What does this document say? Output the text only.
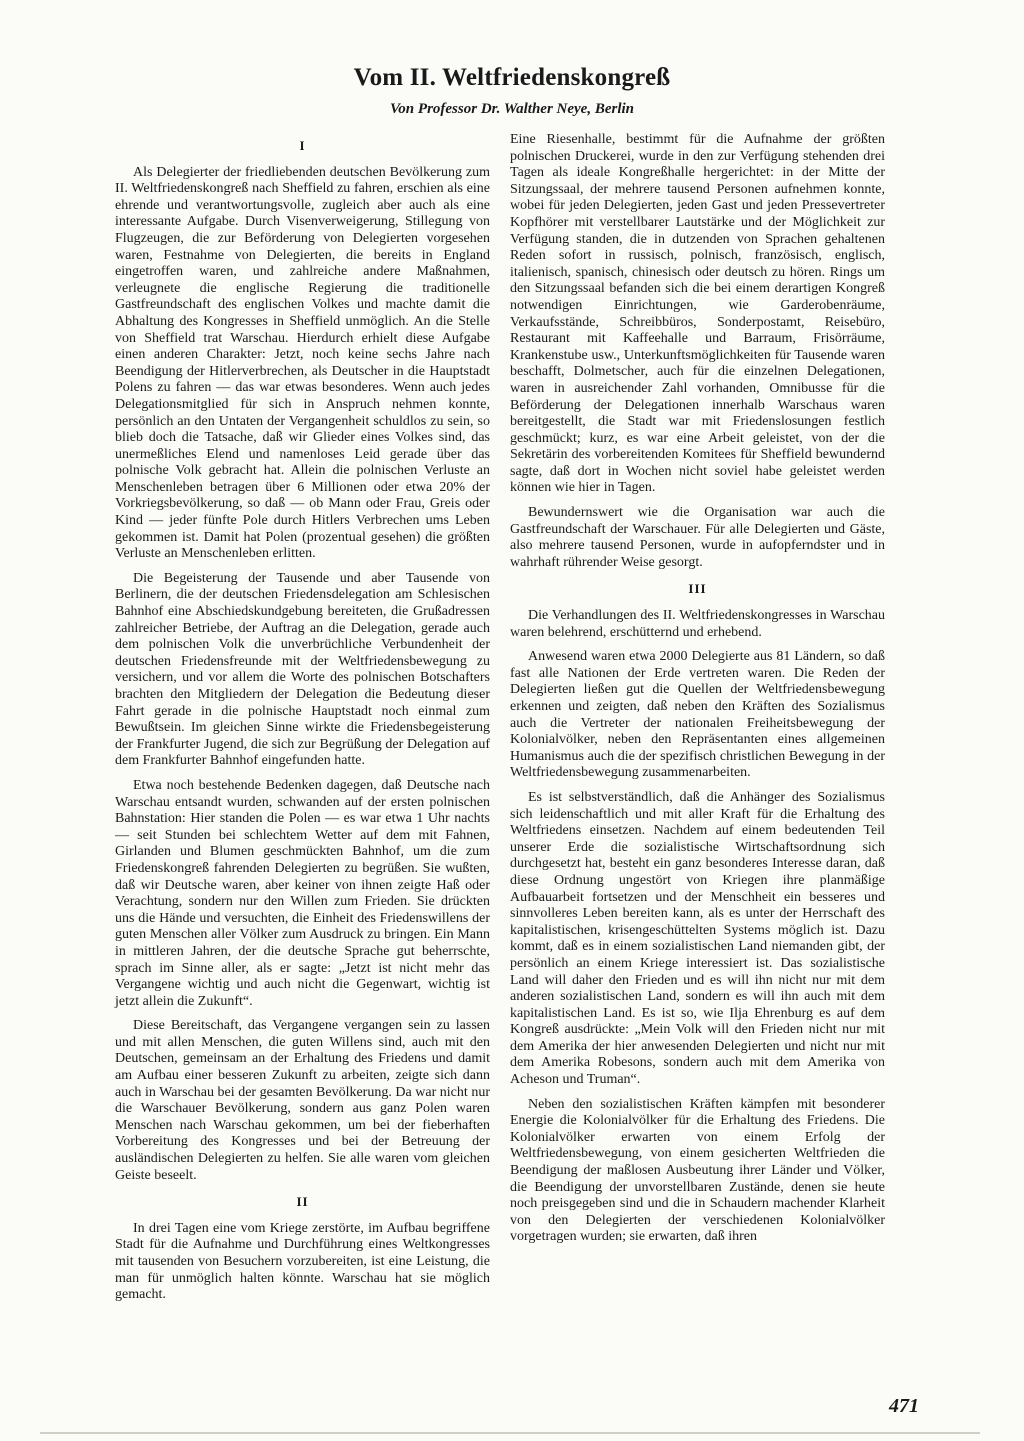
Vom II. Weltfriedenskongreß
Von Professor Dr. Walther Neye, Berlin
I

Als Delegierter der friedliebenden deutschen Bevölkerung zum II. Weltfriedenskongreß nach Sheffield zu fahren, erschien als eine ehrende und verantwortungsvolle, zugleich aber auch als eine interessante Aufgabe. Durch Visenverweigerung, Stillegung von Flugzeugen, die zur Beförderung von Delegierten vorgesehen waren, Festnahme von Delegierten, die bereits in England eingetroffen waren, und zahlreiche andere Maßnahmen, verleugnete die englische Regierung die traditionelle Gastfreundschaft des englischen Volkes und machte damit die Abhaltung des Kongresses in Sheffield unmöglich. An die Stelle von Sheffield trat Warschau. Hierdurch erhielt diese Aufgabe einen anderen Charakter: Jetzt, noch keine sechs Jahre nach Beendigung der Hitlerverbrechen, als Deutscher in die Hauptstadt Polens zu fahren — das war etwas besonderes. Wenn auch jedes Delegationsmitglied für sich in Anspruch nehmen konnte, persönlich an den Untaten der Vergangenheit schuldlos zu sein, so blieb doch die Tatsache, daß wir Glieder eines Volkes sind, das unermeßliches Elend und namenloses Leid gerade über das polnische Volk gebracht hat. Allein die polnischen Verluste an Menschenleben betragen über 6 Millionen oder etwa 20% der Vorkriegsbevölkerung, so daß — ob Mann oder Frau, Greis oder Kind — jeder fünfte Pole durch Hitlers Verbrechen ums Leben gekommen ist. Damit hat Polen (prozentual gesehen) die größten Verluste an Menschenleben erlitten.

Die Begeisterung der Tausende und aber Tausende von Berlinern, die der deutschen Friedensdelegation am Schlesischen Bahnhof eine Abschiedskundgebung bereiteten, die Grußadressen zahlreicher Betriebe, der Auftrag an die Delegation, gerade auch dem polnischen Volk die unverbrüchliche Verbundenheit der deutschen Friedensfreunde mit der Weltfriedensbewegung zu versichern, und vor allem die Worte des polnischen Botschafters brachten den Mitgliedern der Delegation die Bedeutung dieser Fahrt gerade in die polnische Hauptstadt noch einmal zum Bewußtsein. Im gleichen Sinne wirkte die Friedensbegeisterung der Frankfurter Jugend, die sich zur Begrüßung der Delegation auf dem Frankfurter Bahnhof eingefunden hatte.

Etwa noch bestehende Bedenken dagegen, daß Deutsche nach Warschau entsandt wurden, schwanden auf der ersten polnischen Bahnstation: Hier standen die Polen — es war etwa 1 Uhr nachts — seit Stunden bei schlechtem Wetter auf dem mit Fahnen, Girlanden und Blumen geschmückten Bahnhof, um die zum Friedenskongreß fahrenden Delegierten zu begrüßen. Sie wußten, daß wir Deutsche waren, aber keiner von ihnen zeigte Haß oder Verachtung, sondern nur den Willen zum Frieden. Sie drückten uns die Hände und versuchten, die Einheit des Friedenswillens der guten Menschen aller Völker zum Ausdruck zu bringen. Ein Mann in mittleren Jahren, der die deutsche Sprache gut beherrschte, sprach im Sinne aller, als er sagte: „Jetzt ist nicht mehr das Vergangene wichtig und auch nicht die Gegenwart, wichtig ist jetzt allein die Zukunft“.

Diese Bereitschaft, das Vergangene vergangen sein zu lassen und mit allen Menschen, die guten Willens sind, auch mit den Deutschen, gemeinsam an der Erhaltung des Friedens und damit am Aufbau einer besseren Zukunft zu arbeiten, zeigte sich dann auch in Warschau bei der gesamten Bevölkerung. Da war nicht nur die Warschauer Bevölkerung, sondern aus ganz Polen waren Menschen nach Warschau gekommen, um bei der fieberhaften Vorbereitung des Kongresses und bei der Betreuung der ausländischen Delegierten zu helfen. Sie alle waren vom gleichen Geiste beseelt.

II

In drei Tagen eine vom Kriege zerstörte, im Aufbau begriffene Stadt für die Aufnahme und Durchführung eines Weltkongresses mit tausenden von Besuchern vorzubereiten, ist eine Leistung, die man für unmöglich halten könnte. Warschau hat sie möglich gemacht.

Eine Riesenhalle, bestimmt für die Aufnahme der größten polnischen Druckerei, wurde in den zur Verfügung stehenden drei Tagen als ideale Kongreßhalle hergerichtet: in der Mitte der Sitzungssaal, der mehrere tausend Personen aufnehmen konnte, wobei für jeden Delegierten, jeden Gast und jeden Pressevertreter Kopfhörer mit verstellbarer Lautstärke und der Möglichkeit zur Verfügung standen, die in dutzenden von Sprachen gehaltenen Reden sofort in russisch, polnisch, französisch, englisch, italienisch, spanisch, chinesisch oder deutsch zu hören. Rings um den Sitzungssaal befanden sich die bei einem derartigen Kongreß notwendigen Einrichtungen, wie Garderobenräume, Verkaufsstände, Schreibbüros, Sonderpostamt, Reisebüro, Restaurant mit Kaffeehalle und Barraum, Frisörräume, Krankenstube usw., Unterkunftsmöglichkeiten für Tausende waren beschafft, Dolmetscher, auch für die einzelnen Delegationen, waren in ausreichender Zahl vorhanden, Omnibusse für die Beförderung der Delegationen innerhalb Warschaus waren bereitgestellt, die Stadt war mit Friedenslosungen festlich geschmückt; kurz, es war eine Arbeit geleistet, von der die Sekretärin des vorbereitenden Komitees für Sheffield bewundernd sagte, daß dort in Wochen nicht soviel habe geleistet werden können wie hier in Tagen.

Bewundernswert wie die Organisation war auch die Gastfreundschaft der Warschauer. Für alle Delegierten und Gäste, also mehrere tausend Personen, wurde in aufopferndster und in wahrhaft rührender Weise gesorgt.

III

Die Verhandlungen des II. Weltfriedenskongresses in Warschau waren belehrend, erschütternd und erhebend.

Anwesend waren etwa 2000 Delegierte aus 81 Ländern, so daß fast alle Nationen der Erde vertreten waren. Die Reden der Delegierten ließen gut die Quellen der Weltfriedensbewegung erkennen und zeigten, daß neben den Kräften des Sozialismus auch die Vertreter der nationalen Freiheitsbewegung der Kolonialvölker, neben den Repräsentanten eines allgemeinen Humanismus auch die der spezifisch christlichen Bewegung in der Weltfriedensbewegung zusammenarbeiten.

Es ist selbstverständlich, daß die Anhänger des Sozialismus sich leidenschaftlich und mit aller Kraft für die Erhaltung des Weltfriedens einsetzen. Nachdem auf einem bedeutenden Teil unserer Erde die sozialistische Wirtschaftsordnung sich durchgesetzt hat, besteht ein ganz besonderes Interesse daran, daß diese Ordnung ungestört von Kriegen ihre planmäßige Aufbauarbeit fortsetzen und der Menschheit ein besseres und sinnvolleres Leben bereiten kann, als es unter der Herrschaft des kapitalistischen, krisengeschüttelten Systems möglich ist. Dazu kommt, daß es in einem sozialistischen Land niemanden gibt, der persönlich an einem Kriege interessiert ist. Das sozialistische Land will daher den Frieden und es will ihn nicht nur mit dem anderen sozialistischen Land, sondern es will ihn auch mit dem kapitalistischen Land. Es ist so, wie Ilja Ehrenburg es auf dem Kongreß ausdrückte: „Mein Volk will den Frieden nicht nur mit dem Amerika der hier anwesenden Delegierten und nicht nur mit dem Amerika Robesons, sondern auch mit dem Amerika von Acheson und Truman“.

Neben den sozialistischen Kräften kämpfen mit besonderer Energie die Kolonialvölker für die Erhaltung des Friedens. Die Kolonialvölker erwarten von einem Erfolg der Weltfriedensbewegung, von einem gesicherten Weltfrieden die Beendigung der maßlosen Ausbeutung ihrer Länder und Völker, die Beendigung der unvorstellbaren Zustände, denen sie heute noch preisgegeben sind und die in Schaudern machender Klarheit von den Delegierten der verschiedenen Kolonialvölker vorgetragen wurden; sie erwarten, daß ihren

471
